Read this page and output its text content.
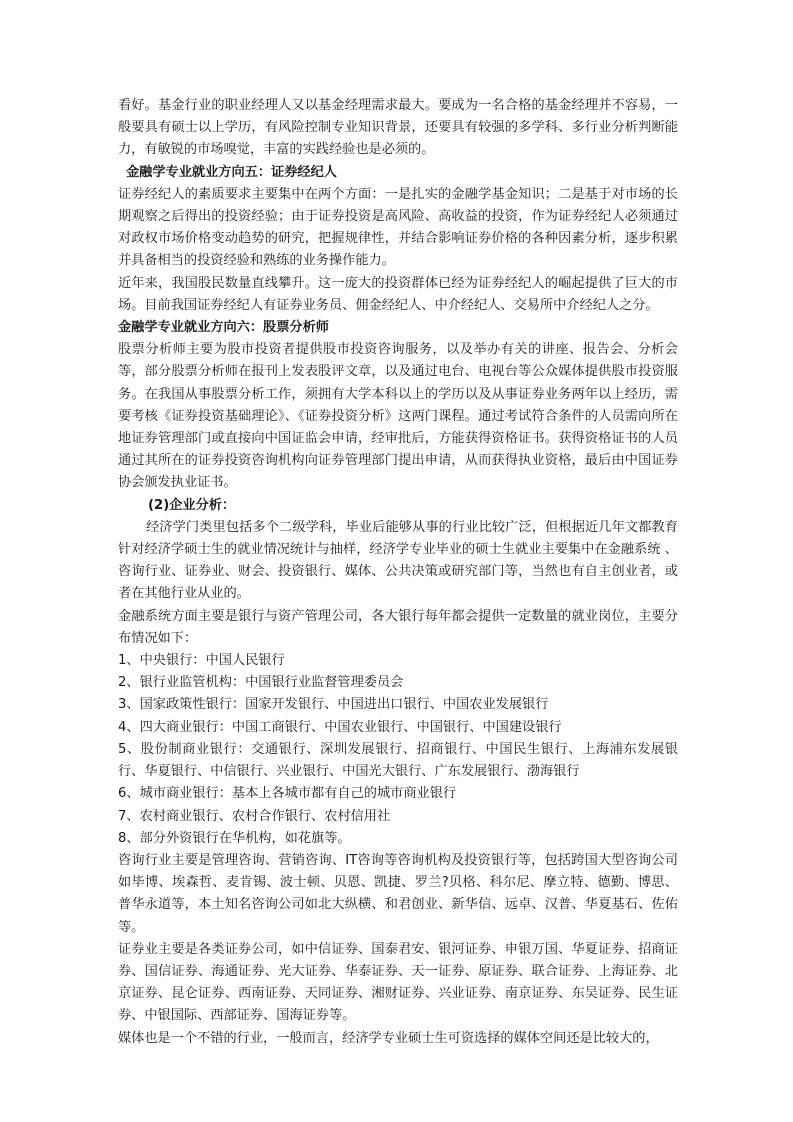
看好。基金行业的职业经理人又以基金经理需求最大。要成为一名合格的基金经理并不容易，一般要具有硕士以上学历，有风险控制专业知识背景，还要具有较强的多学科、多行业分析判断能力，有敏锐的市场嗅觉，丰富的实践经验也是必须的。

金融学专业就业方向五：证券经纪人

证券经纪人的素质要求主要集中在两个方面：一是扎实的金融学基金知识；二是基于对市场的长期观察之后得出的投资经验；由于证券投资是高风险、高收益的投资，作为证券经纪人必须通过对政权市场价格变动趋势的研究，把握规律性，并结合影响证券价格的各种因素分析，逐步积累并具备相当的投资经验和熟练的业务操作能力。

近年来，我国股民数量直线攀升。这一庞大的投资群体已经为证券经纪人的崛起提供了巨大的市场。目前我国证券经纪人有证券业务员、佣金经纪人、中介经纪人、交易所中介经纪人之分。

金融学专业就业方向六：股票分析师

股票分析师主要为股市投资者提供股市投资咨询服务，以及举办有关的讲座、报告会、分析会等，部分股票分析师在报刊上发表股评文章，以及通过电台、电视台等公众媒体提供股市投资服务。在我国从事股票分析工作，须拥有大学本科以上的学历以及从事证券业务两年以上经历，需要考核《证券投资基础理论》、《证券投资分析》这两门课程。通过考试符合条件的人员需向所在地证券管理部门或直接向中国证监会申请，经审批后，方能获得资格证书。获得资格证书的人员通过其所在的证券投资咨询机构向证券管理部门提出申请，从而获得执业资格，最后由中国证券协会颁发执业证书。

(2)企业分析：

经济学门类里包括多个二级学科，毕业后能够从事的行业比较广泛，但根据近几年文都教育针对经济学硕士生的就业情况统计与抽样，经济学专业毕业的硕士生就业主要集中在金融系统 、咨询行业、证券业、财会、投资银行、媒体、公共决策或研究部门等，当然也有自主创业者，或者在其他行业从业的。

金融系统方面主要是银行与资产管理公司，各大银行每年都会提供一定数量的就业岗位，主要分布情况如下：

1、中央银行：中国人民银行

2、银行业监管机构：中国银行业监督管理委员会

3、国家政策性银行：国家开发银行、中国进出口银行、中国农业发展银行

4、四大商业银行：中国工商银行、中国农业银行、中国银行、中国建设银行

5、股份制商业银行：交通银行、深圳发展银行、招商银行、中国民生银行、上海浦东发展银行、华夏银行、中信银行、兴业银行、中国光大银行、广东发展银行、渤海银行

6、城市商业银行：基本上各城市都有自己的城市商业银行

7、农村商业银行、农村合作银行、农村信用社

8、部分外资银行在华机构，如花旗等。

咨询行业主要是管理咨询、营销咨询、IT咨询等咨询机构及投资银行等，包括跨国大型咨询公司如毕博、埃森哲、麦肯锡、波士顿、贝恩、凯捷、罗兰?贝格、科尔尼、摩立特、德勤、博思、普华永道等，本土知名咨询公司如北大纵横、和君创业、新华信、远卓、汉普、华夏基石、佐佑等。

证券业主要是各类证券公司，如中信证券、国泰君安、银河证券、申银万国、华夏证券、招商证券、国信证券、海通证券、光大证券、华泰证券、天一证券、原证券、联合证券、上海证券、北京证券、昆仑证券、西南证券、天同证券、湘财证券、兴业证券、南京证券、东吴证券、民生证券、中银国际、西部证券、国海证券等。

媒体也是一个不错的行业，一般而言，经济学专业硕士生可资选择的媒体空间还是比较大的，
